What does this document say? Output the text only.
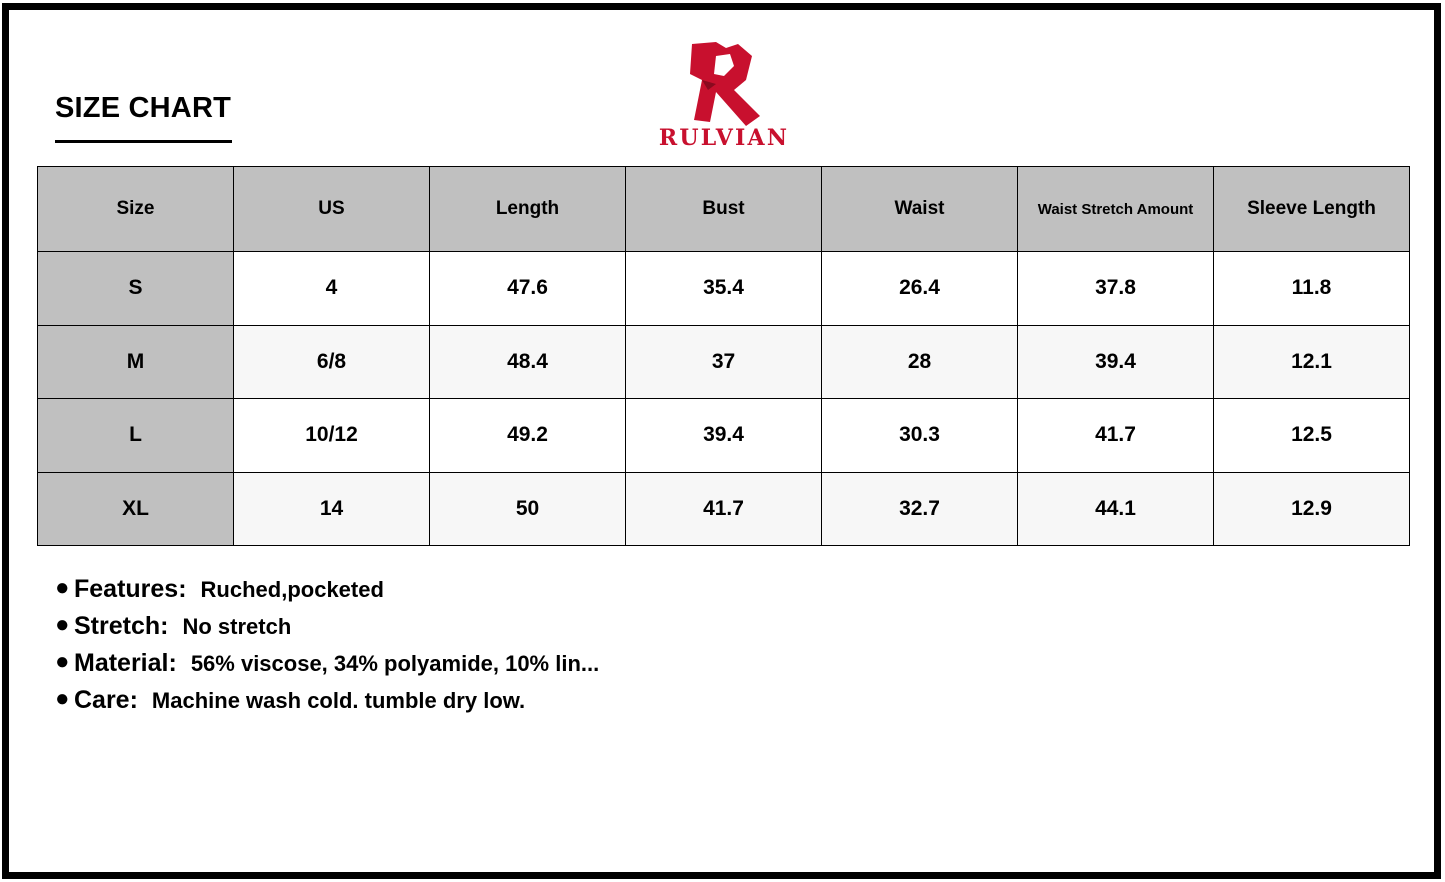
SIZE CHART
RULVIAN
Size	US	Length	Bust	Waist	Waist Stretch Amount	Sleeve Length
S	4	47.6	35.4	26.4	37.8	11.8
M	6/8	48.4	37	28	39.4	12.1
L	10/12	49.2	39.4	30.3	41.7	12.5
XL	14	50	41.7	32.7	44.1	12.9
● Features: Ruched,pocketed
● Stretch: No stretch
● Material: 56% viscose, 34% polyamide, 10% lin...
● Care: Machine wash cold. tumble dry low.
